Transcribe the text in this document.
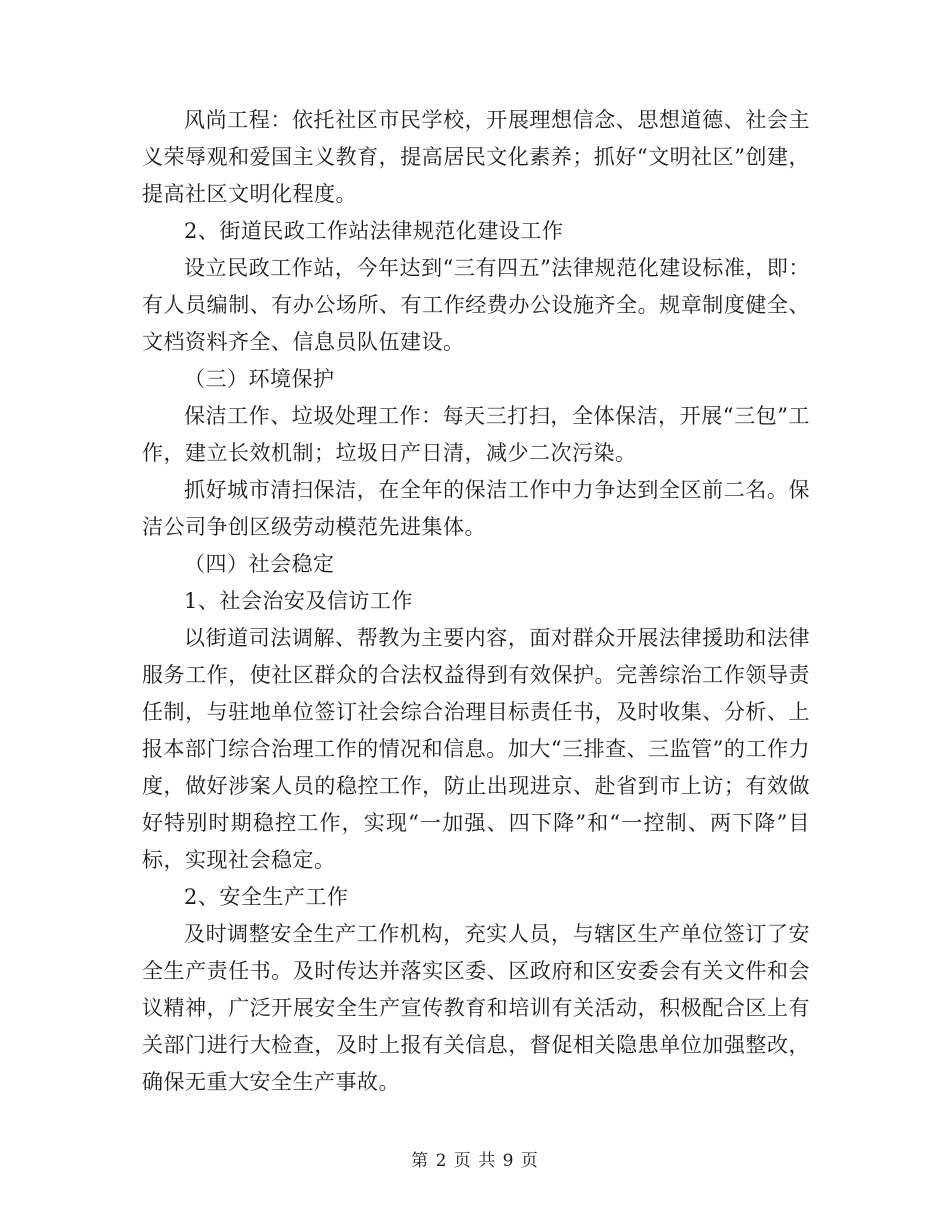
风尚工程：依托社区市民学校，开展理想信念、思想道德、社会主义荣辱观和爱国主义教育，提高居民文化素养；抓好“文明社区”创建，提高社区文明化程度。

2、街道民政工作站法律规范化建设工作

设立民政工作站，今年达到“三有四五”法律规范化建设标准，即：有人员编制、有办公场所、有工作经费办公设施齐全。规章制度健全、文档资料齐全、信息员队伍建设。

（三）环境保护

保洁工作、垃圾处理工作：每天三打扫，全体保洁，开展“三包”工作，建立长效机制；垃圾日产日清，减少二次污染。

抓好城市清扫保洁，在全年的保洁工作中力争达到全区前二名。保洁公司争创区级劳动模范先进集体。

（四）社会稳定

1、社会治安及信访工作

以街道司法调解、帮教为主要内容，面对群众开展法律援助和法律服务工作，使社区群众的合法权益得到有效保护。完善综治工作领导责任制，与驻地单位签订社会综合治理目标责任书，及时收集、分析、上报本部门综合治理工作的情况和信息。加大“三排查、三监管”的工作力度，做好涉案人员的稳控工作，防止出现进京、赴省到市上访；有效做好特别时期稳控工作，实现“一加强、四下降”和“一控制、两下降”目标，实现社会稳定。

2、安全生产工作

及时调整安全生产工作机构，充实人员，与辖区生产单位签订了安全生产责任书。及时传达并落实区委、区政府和区安委会有关文件和会议精神，广泛开展安全生产宣传教育和培训有关活动，积极配合区上有关部门进行大检查，及时上报有关信息，督促相关隐患单位加强整改，确保无重大安全生产事故。

第 2 页 共 9 页
